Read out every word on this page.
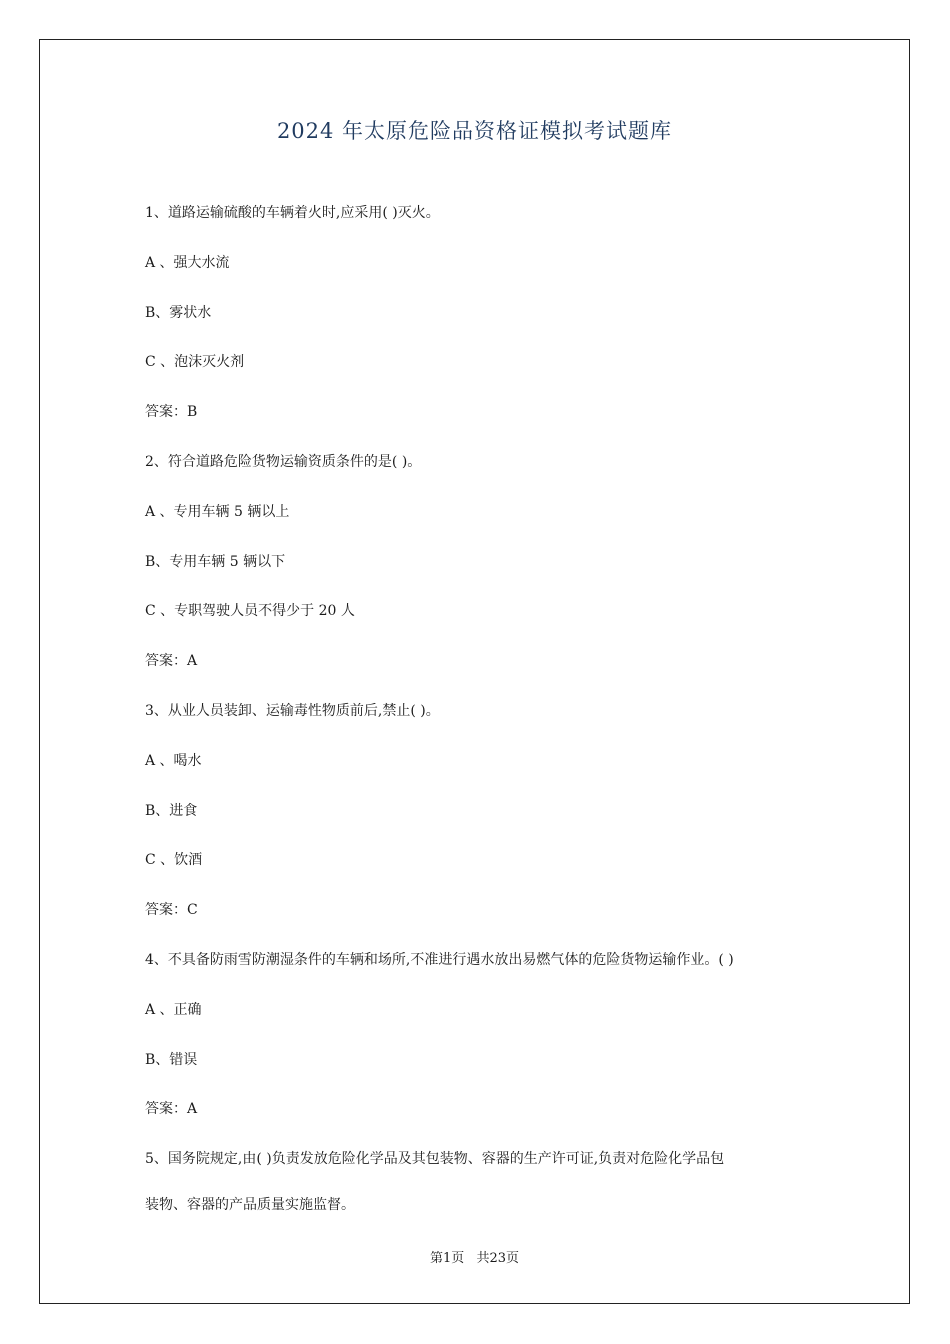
2024 年太原危险品资格证模拟考试题库
1、道路运输硫酸的车辆着火时,应采用( )灭火。
A 、强大水流
B、雾状水
C 、泡沫灭火剂
答案：B
2、符合道路危险货物运输资质条件的是( )。
A 、专用车辆 5 辆以上
B、专用车辆 5 辆以下
C 、专职驾驶人员不得少于 20 人
答案：A
3、从业人员装卸、运输毒性物质前后,禁止( )。
A 、喝水
B、进食
C 、饮酒
答案：C
4、不具备防雨雪防潮湿条件的车辆和场所,不准进行遇水放出易燃气体的危险货物运输作业。( )
A 、正确
B、错误
答案：A
5、国务院规定,由( )负责发放危险化学品及其包装物、容器的生产许可证,负责对危险化学品包
装物、容器的产品质量实施监督。
第1页 共23页
